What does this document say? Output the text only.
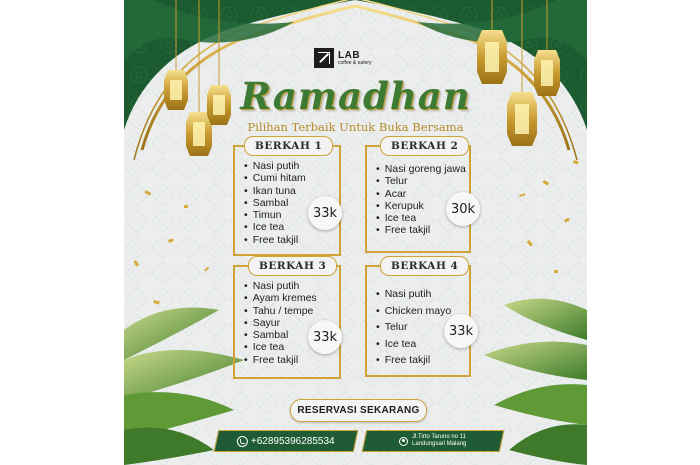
LAB
coffee & eatery
Ramadhan
Pilihan Terbaik Untuk Buka Bersama
BERKAH 1
• Nasi putih
• Cumi hitam
• Ikan tuna
• Sambal
• Timun
• Ice tea
• Free takjil
33k
BERKAH 2
• Nasi goreng jawa
• Telur
• Acar
• Kerupuk
• Ice tea
• Free takjil
30k
BERKAH 3
• Nasi putih
• Ayam kremes
• Tahu / tempe
• Sayur
• Sambal
• Ice tea
• Free takjil
33k
BERKAH 4
• Nasi putih
• Chicken mayo
• Telur
• Ice tea
• Free takjil
33k
RESERVASI SEKARANG
+62895396285534	Jl.Tirto Taruno no 11
Landungsari Malang
